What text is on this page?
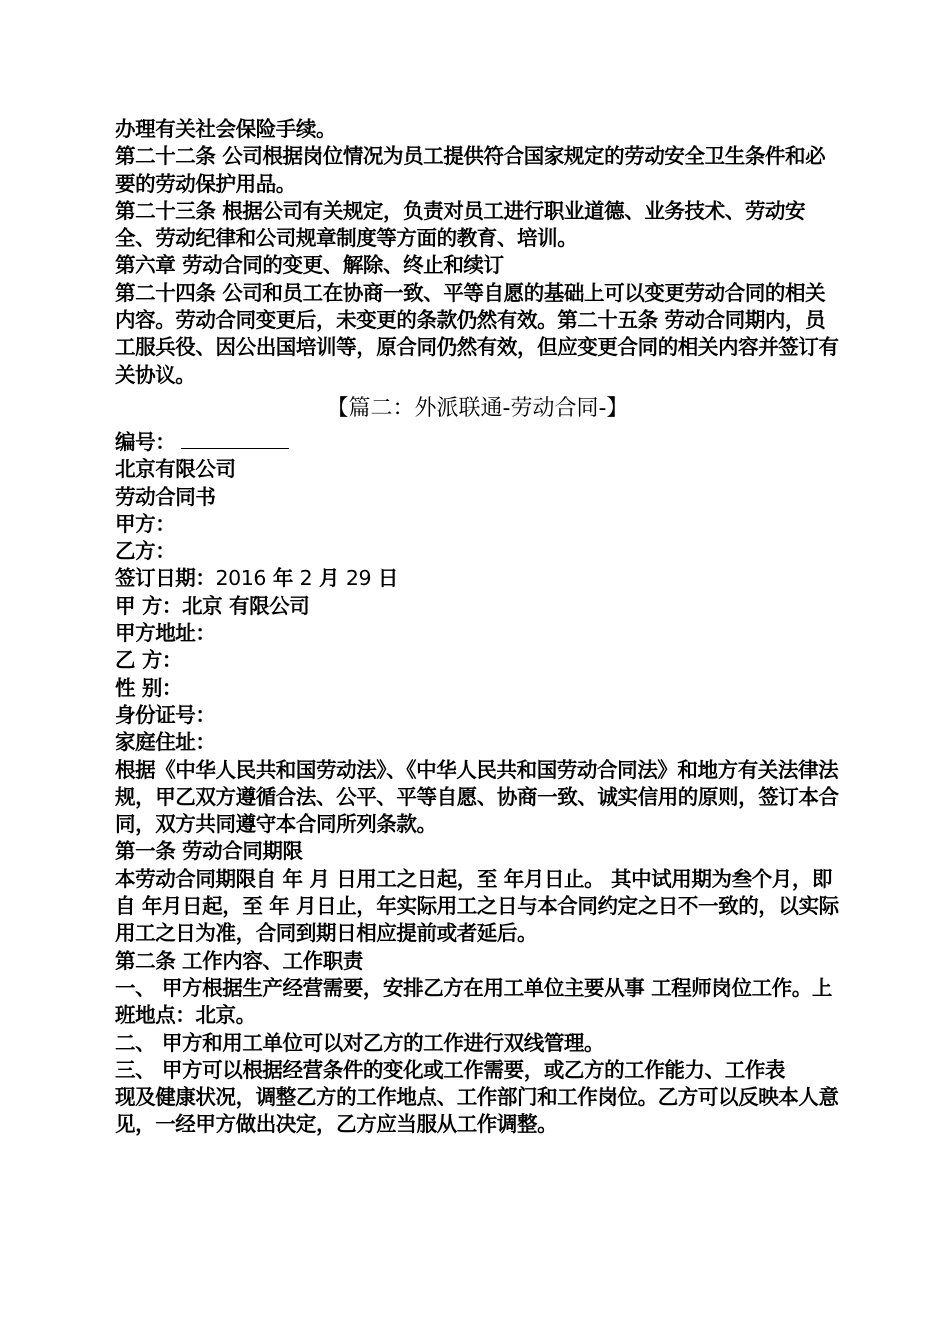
办理有关社会保险手续。

第二十二条 公司根据岗位情况为员工提供符合国家规定的劳动安全卫生条件和必要的劳动保护用品。

第二十三条 根据公司有关规定，负责对员工进行职业道德、业务技术、劳动安全、劳动纪律和公司规章制度等方面的教育、培训。

第六章 劳动合同的变更、解除、终止和续订

第二十四条 公司和员工在协商一致、平等自愿的基础上可以变更劳动合同的相关内容。劳动合同变更后，未变更的条款仍然有效。第二十五条 劳动合同期内，员工服兵役、因公出国培训等，原合同仍然有效，但应变更合同的相关内容并签订有关协议。

【篇二：外派联通-劳动合同-】

编号：

北京有限公司

劳动合同书

甲方：

乙方：

签订日期：2016 年 2 月 29 日

甲 方：北京 有限公司

甲方地址：

乙 方：

性 别：

身份证号：

家庭住址：

根据《中华人民共和国劳动法》、《中华人民共和国劳动合同法》和地方有关法律法规，甲乙双方遵循合法、公平、平等自愿、协商一致、诚实信用的原则，签订本合同，双方共同遵守本合同所列条款。

第一条 劳动合同期限

本劳动合同期限自 年 月 日用工之日起，至 年月日止。 其中试用期为叁个月，即自 年月日起，至 年 月日止，年实际用工之日与本合同约定之日不一致的，以实际用工之日为准，合同到期日相应提前或者延后。

第二条 工作内容、工作职责

一、 甲方根据生产经营需要，安排乙方在用工单位主要从事 工程师岗位工作。上班地点：北京。

二、 甲方和用工单位可以对乙方的工作进行双线管理。

三、 甲方可以根据经营条件的变化或工作需要，或乙方的工作能力、工作表

现及健康状况，调整乙方的工作地点、工作部门和工作岗位。乙方可以反映本人意见，一经甲方做出决定，乙方应当服从工作调整。
